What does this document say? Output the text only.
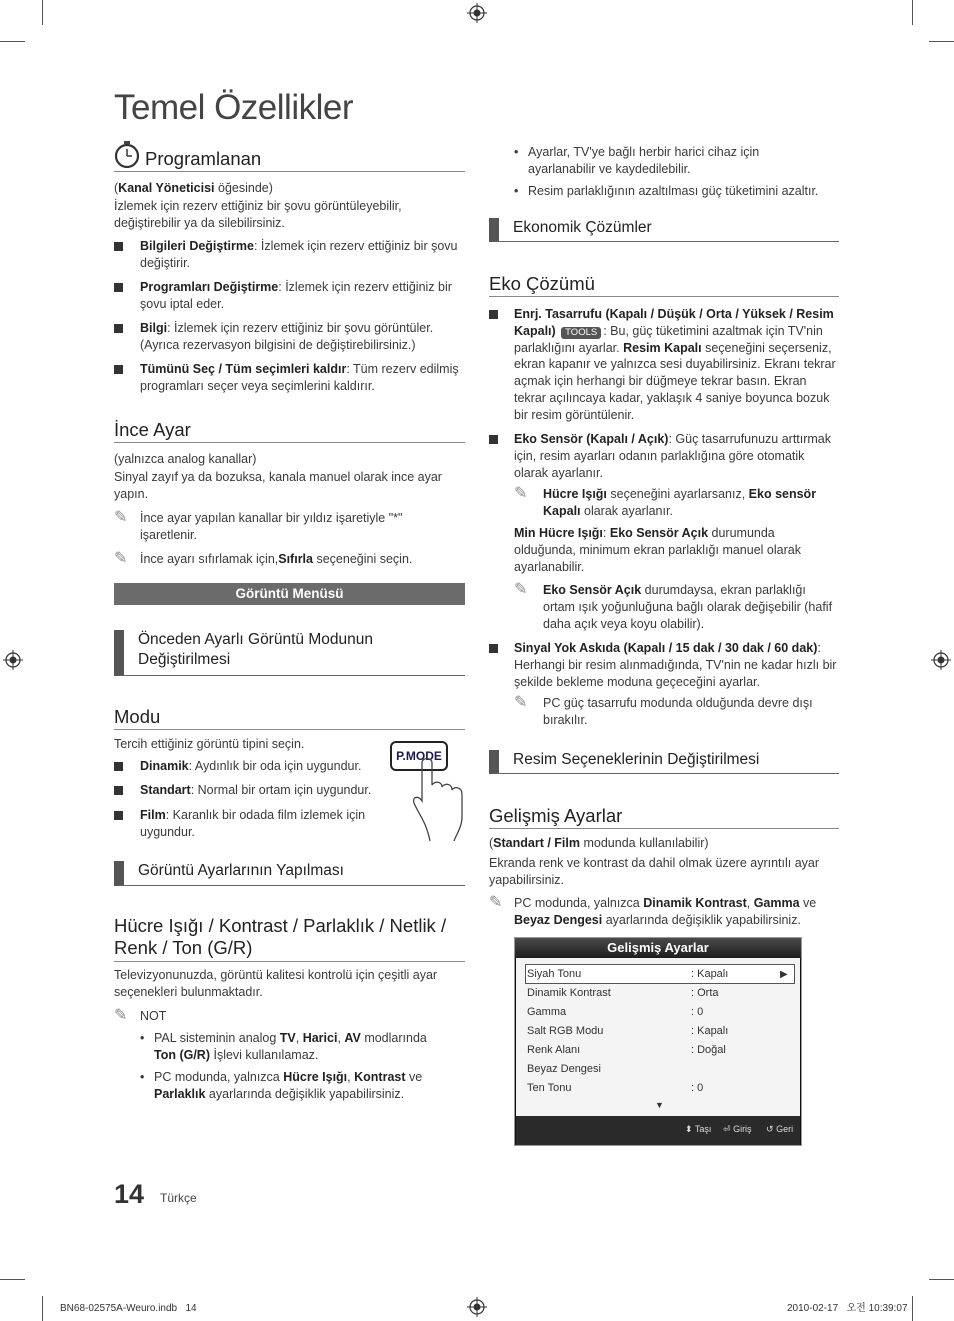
Temel Özellikler
Programlanan
(Kanal Yöneticisi öğesinde)
İzlemek için rezerv ettiğiniz bir şovu görüntüleyebilir, değiştirebilir ya da silebilirsiniz.
Bilgileri Değiştirme: İzlemek için rezerv ettiğiniz bir şovu değiştirir.
Programları Değiştirme: İzlemek için rezerv ettiğiniz bir şovu iptal eder.
Bilgi: İzlemek için rezerv ettiğiniz bir şovu görüntüler. (Ayrıca rezervasyon bilgisini de değiştirebilirsiniz.)
Tümünü Seç / Tüm seçimleri kaldır: Tüm rezerv edilmiş programları seçer veya seçimlerini kaldırır.
İnce Ayar
(yalnızca analog kanallar)
Sinyal zayıf ya da bozuksa, kanala manuel olarak ince ayar yapın.
✎ İnce ayar yapılan kanallar bir yıldız işaretiyle "*" işaretlenir.
✎ İnce ayarı sıfırlamak için,Sıfırla seçeneğini seçin.
Görüntü Menüsü
Önceden Ayarlı Görüntü Modunun Değiştirilmesi
Modu
Tercih ettiğiniz görüntü tipini seçin.
Dinamik: Aydınlık bir oda için uygundur.
Standart: Normal bir ortam için uygundur.
Film: Karanlık bir odada film izlemek için uygundur.
P.MODE
Görüntü Ayarlarının Yapılması
Hücre Işığı / Kontrast / Parlaklık / Netlik / Renk / Ton (G/R)
Televizyonunuzda, görüntü kalitesi kontrolü için çeşitli ayar seçenekleri bulunmaktadır.
✎ NOT
• PAL sisteminin analog TV, Harici, AV modlarında Ton (G/R) İşlevi kullanılamaz.
• PC modunda, yalnızca Hücre Işığı, Kontrast ve Parlaklık ayarlarında değişiklik yapabilirsiniz.
14 Türkçe
• Ayarlar, TV'ye bağlı herbir harici cihaz için ayarlanabilir ve kaydedilebilir.
• Resim parlaklığının azaltılması güç tüketimini azaltır.
Ekonomik Çözümler
Eko Çözümü
Enrj. Tasarrufu (Kapalı / Düşük / Orta / Yüksek / Resim Kapalı) TOOLS : Bu, güç tüketimini azaltmak için TV'nin parlaklığını ayarlar. Resim Kapalı seçeneğini seçerseniz, ekran kapanır ve yalnızca sesi duyabilirsiniz. Ekranı tekrar açmak için herhangi bir düğmeye tekrar basın. Ekran tekrar açılıncaya kadar, yaklaşık 4 saniye boyunca bozuk bir resim görüntülenir.
Eko Sensör (Kapalı / Açık): Güç tasarrufunuzu arttırmak için, resim ayarları odanın parlaklığına göre otomatik olarak ayarlanır.
✎ Hücre Işığı seçeneğini ayarlarsanız, Eko sensör Kapalı olarak ayarlanır.
Min Hücre Işığı: Eko Sensör Açık durumunda olduğunda, minimum ekran parlaklığı manuel olarak ayarlanabilir.
✎ Eko Sensör Açık durumdaysa, ekran parlaklığı ortam ışık yoğunluğuna bağlı olarak değişebilir (hafif daha açık veya koyu olabilir).
Sinyal Yok Askıda (Kapalı / 15 dak / 30 dak / 60 dak): Herhangi bir resim alınmadığında, TV'nin ne kadar hızlı bir şekilde bekleme moduna geçeceğini ayarlar.
✎ PC güç tasarrufu modunda olduğunda devre dışı bırakılır.
Resim Seçeneklerinin Değiştirilmesi
Gelişmiş Ayarlar
(Standart / Film modunda kullanılabilir)
Ekranda renk ve kontrast da dahil olmak üzere ayrıntılı ayar yapabilirsiniz.
✎ PC modunda, yalnızca Dinamik Kontrast, Gamma ve Beyaz Dengesi ayarlarında değişiklik yapabilirsiniz.
Gelişmiş Ayarlar
Siyah Tonu	: Kapalı	▶
Dinamik Kontrast	: Orta
Gamma	: 0
Salt RGB Modu	: Kapalı
Renk Alanı	: Doğal
Beyaz Dengesi
Ten Tonu	: 0
▼
⬍ Taşı ⏎ Giriş ↺ Geri
BN68-02575A-Weuro.indb 14	2010-02-17 오전 10:39:07
